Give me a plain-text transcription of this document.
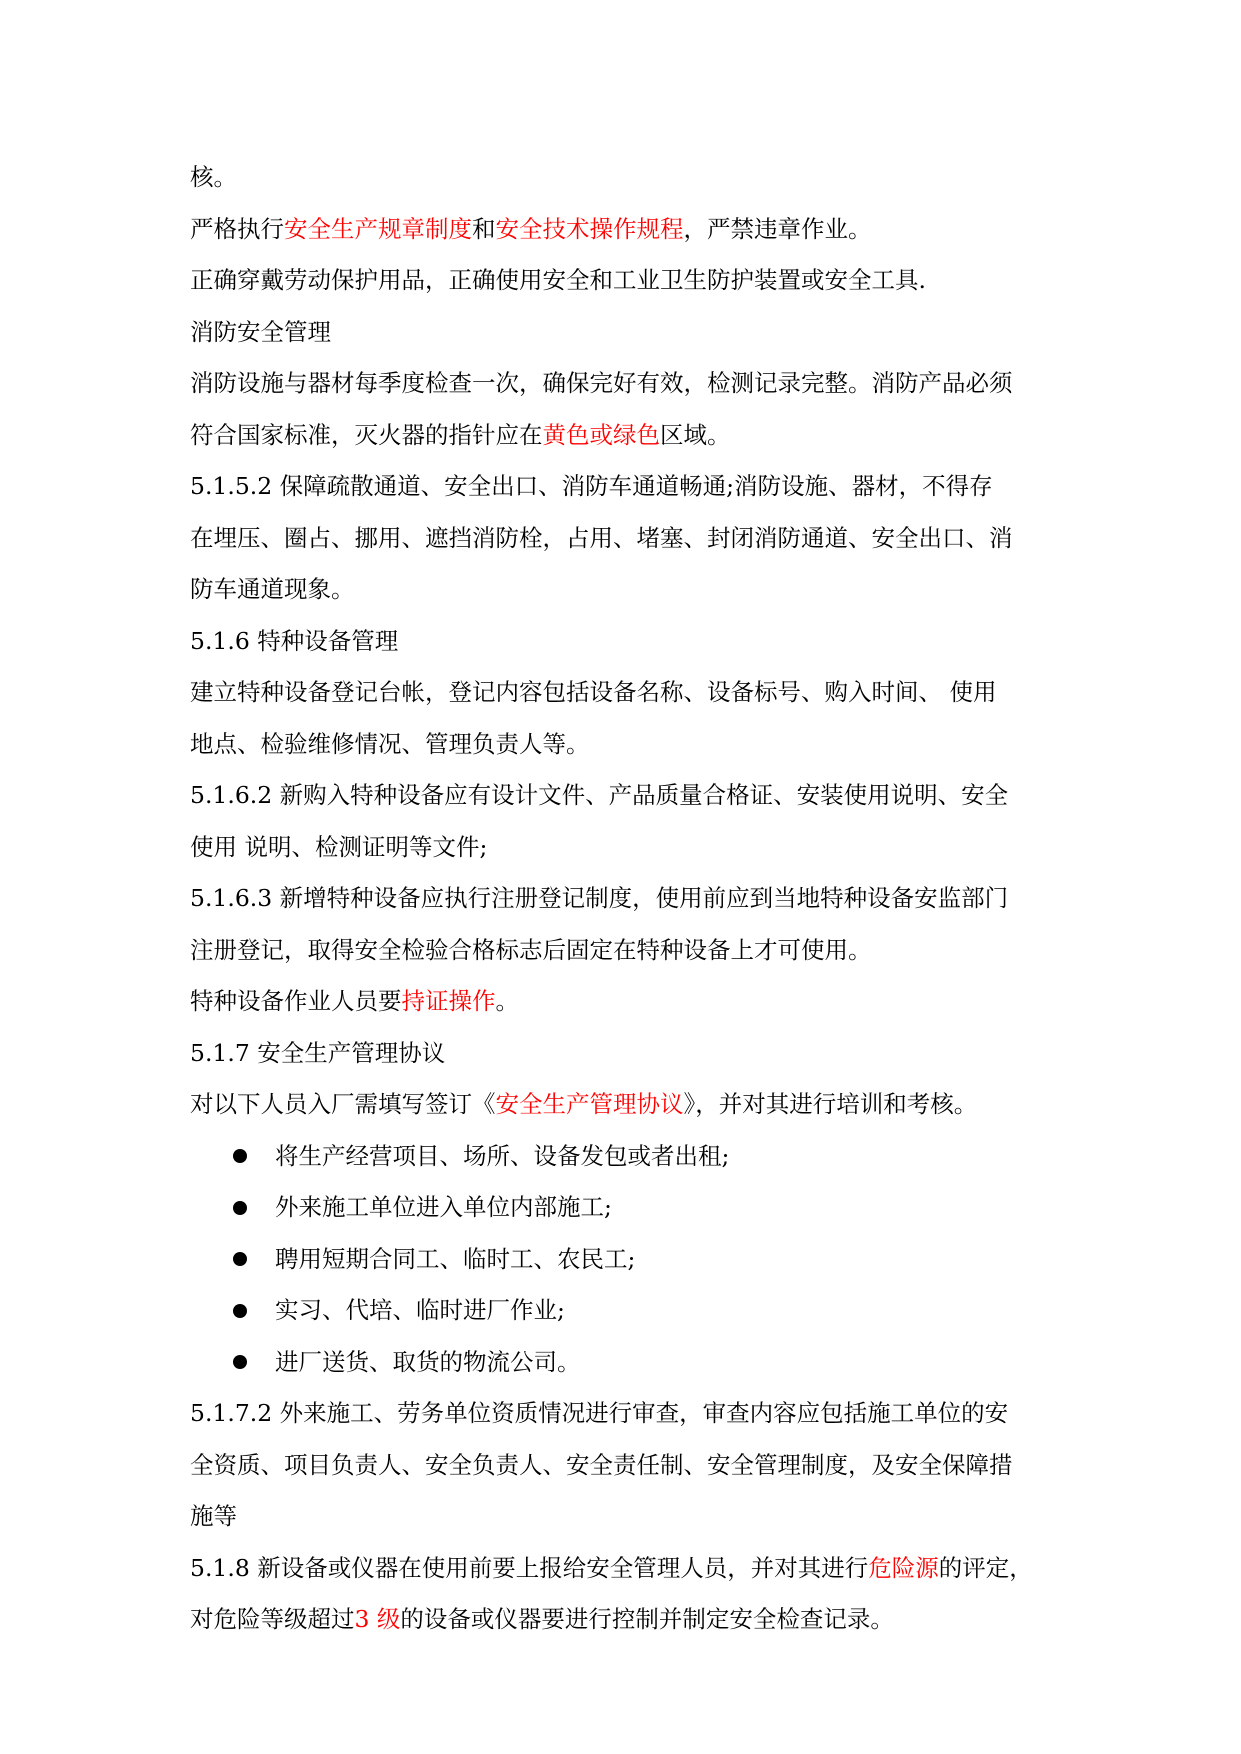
核。
严格执行安全生产规章制度和安全技术操作规程，严禁违章作业。
正确穿戴劳动保护用品，正确使用安全和工业卫生防护装置或安全工具.
消防安全管理
消防设施与器材每季度检查一次，确保完好有效，检测记录完整。消防产品必须
符合国家标准，灭火器的指针应在黄色或绿色区域。
5.1.5.2 保障疏散通道、安全出口、消防车通道畅通;消防设施、器材，不得存
在埋压、圈占、挪用、遮挡消防栓，占用、堵塞、封闭消防通道、安全出口、消
防车通道现象。
5.1.6 特种设备管理
建立特种设备登记台帐，登记内容包括设备名称、设备标号、购入时间、 使用
地点、检验维修情况、管理负责人等。
5.1.6.2 新购入特种设备应有设计文件、产品质量合格证、安装使用说明、安全
使用 说明、检测证明等文件;
5.1.6.3 新增特种设备应执行注册登记制度，使用前应到当地特种设备安监部门
注册登记，取得安全检验合格标志后固定在特种设备上才可使用。
特种设备作业人员要持证操作。
5.1.7 安全生产管理协议
对以下人员入厂需填写签订《安全生产管理协议》，并对其进行培训和考核。
将生产经营项目、场所、设备发包或者出租;
外来施工单位进入单位内部施工;
聘用短期合同工、临时工、农民工;
实习、代培、临时进厂作业;
进厂送货、取货的物流公司。
5.1.7.2 外来施工、劳务单位资质情况进行审查，审查内容应包括施工单位的安
全资质、项目负责人、安全负责人、安全责任制、安全管理制度，及安全保障措
施等
5.1.8 新设备或仪器在使用前要上报给安全管理人员，并对其进行危险源的评定，
对危险等级超过3 级的设备或仪器要进行控制并制定安全检查记录。
